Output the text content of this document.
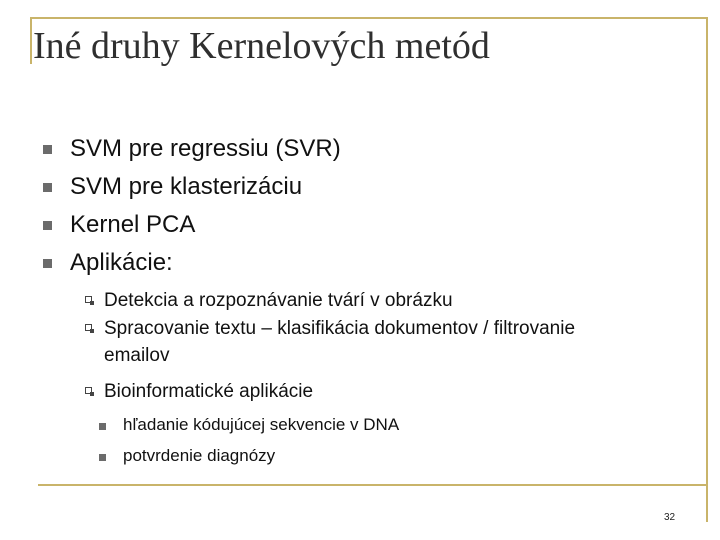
Iné druhy Kernelových metód
SVM pre regressiu (SVR)
SVM pre klasterizáciu
Kernel PCA
Aplikácie:
Detekcia a rozpoznávanie tvárí v obrázku
Spracovanie textu – klasifikácia dokumentov / filtrovanie
emailov
Bioinformatické aplikácie
hľadanie kódujúcej sekvencie v DNA
potvrdenie diagnózy
32
